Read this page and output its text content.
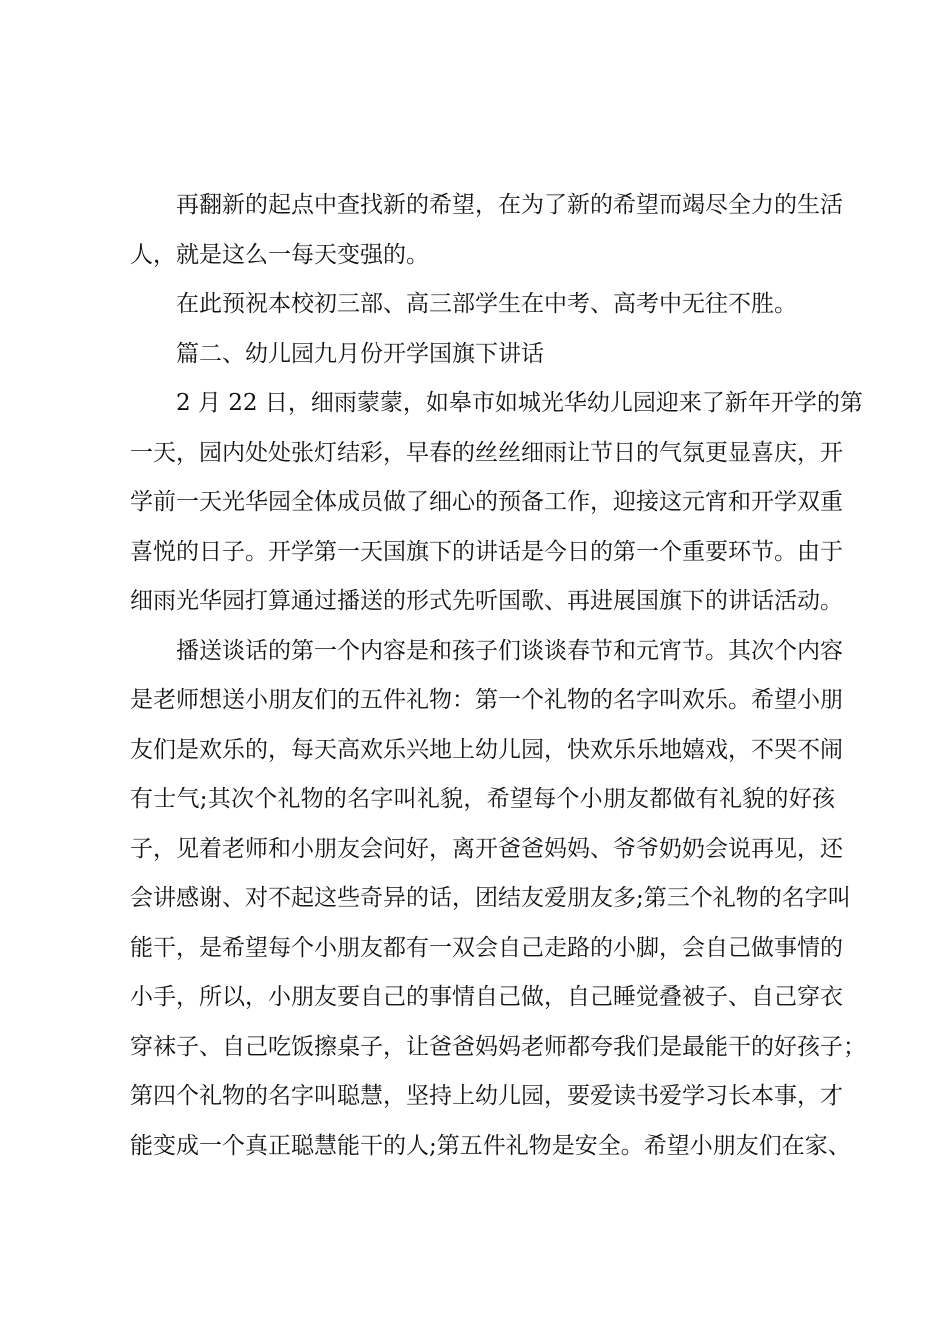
再翻新的起点中查找新的希望，在为了新的希望而竭尽全力的生活
人，就是这么一每天变强的。
在此预祝本校初三部、高三部学生在中考、高考中无往不胜。
篇二、幼儿园九月份开学国旗下讲话
2 月 22 日，细雨蒙蒙，如皋市如城光华幼儿园迎来了新年开学的第
一天，园内处处张灯结彩，早春的丝丝细雨让节日的气氛更显喜庆，开
学前一天光华园全体成员做了细心的预备工作，迎接这元宵和开学双重
喜悦的日子。开学第一天国旗下的讲话是今日的第一个重要环节。由于
细雨光华园打算通过播送的形式先听国歌、再进展国旗下的讲话活动。
播送谈话的第一个内容是和孩子们谈谈春节和元宵节。其次个内容
是老师想送小朋友们的五件礼物：第一个礼物的名字叫欢乐。希望小朋
友们是欢乐的，每天高欢乐兴地上幼儿园，快欢乐乐地嬉戏，不哭不闹
有士气;其次个礼物的名字叫礼貌，希望每个小朋友都做有礼貌的好孩
子，见着老师和小朋友会问好，离开爸爸妈妈、爷爷奶奶会说再见，还
会讲感谢、对不起这些奇异的话，团结友爱朋友多;第三个礼物的名字叫
能干，是希望每个小朋友都有一双会自己走路的小脚，会自己做事情的
小手，所以，小朋友要自己的事情自己做，自己睡觉叠被子、自己穿衣
穿袜子、自己吃饭擦桌子，让爸爸妈妈老师都夸我们是最能干的好孩子；
第四个礼物的名字叫聪慧，坚持上幼儿园，要爱读书爱学习长本事，才
能变成一个真正聪慧能干的人;第五件礼物是安全。希望小朋友们在家、
